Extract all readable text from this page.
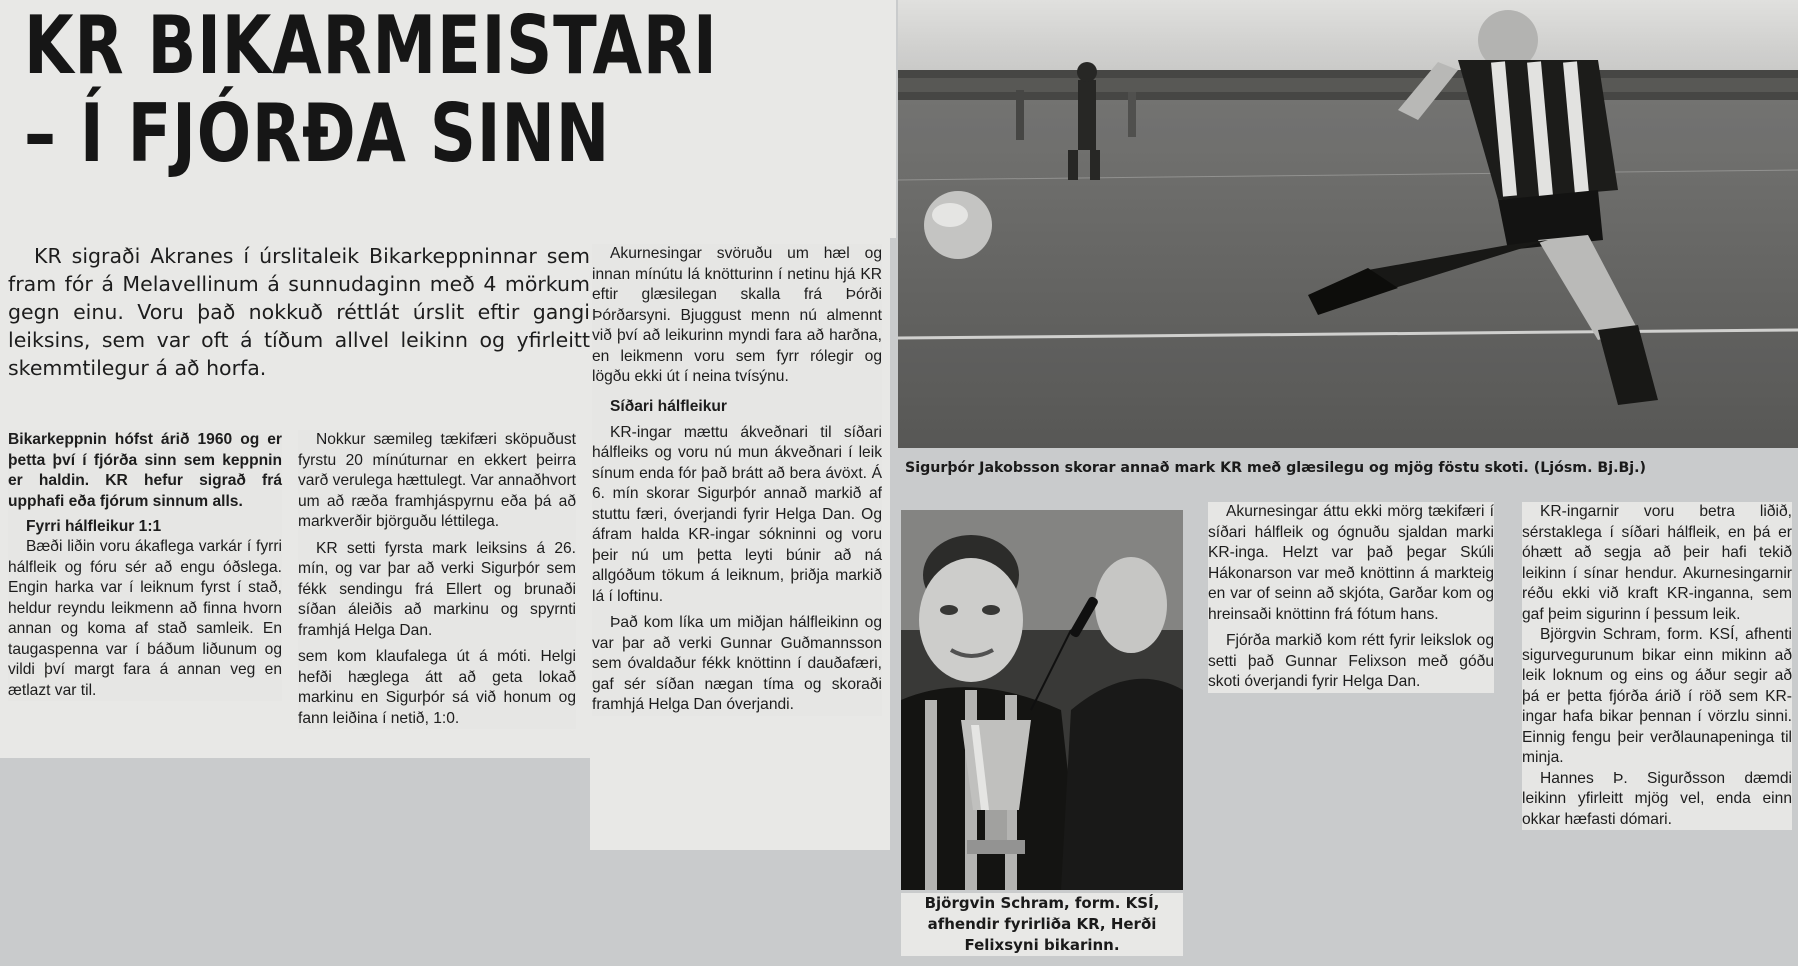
KR BIKARMEISTARI
– Í FJÓRÐA SINN

KR sigraði Akranes í úrslitaleik Bikarkeppninnar sem fram fór á Melavellinum á sunnudaginn með 4 mörkum gegn einu. Voru það nokkuð réttlát úrslit eftir gangi leiksins, sem var oft á tíðum allvel leikinn og yfirleitt skemmtilegur á að horfa.

Bikarkeppnin hófst árið 1960 og er þetta því í fjórða sinn sem keppnin er haldin. KR hefur sigrað frá upphafi eða fjórum sinnum alls.

Fyrri hálfleikur 1:1

Bæði liðin voru ákaflega varkár í fyrri hálfleik og fóru sér að engu óðslega. Engin harka var í leiknum fyrst í stað, heldur reyndu leikmenn að finna hvorn annan og koma af stað samleik. En taugaspenna var í báðum liðunum og vildi því margt fara á annan veg en ætlazt var til.

Nokkur sæmileg tækifæri sköpuðust fyrstu 20 mínúturnar en ekkert þeirra varð verulega hættulegt. Var annaðhvort um að ræða framhjáspyrnu eða þá að markverðir björguðu léttilega.

KR setti fyrsta mark leiksins á 26. mín, og var þar að verki Sigurþór sem fékk sendingu frá Ellert og brunaði síðan áleiðis að markinu og spyrnti framhjá Helga Dan.

sem kom klaufalega út á móti. Helgi hefði hæglega átt að geta lokað markinu en Sigurþór sá við honum og fann leiðina í netið, 1:0.

Akurnesingar svöruðu um hæl og innan mínútu lá knötturinn í netinu hjá KR eftir glæsilegan skalla frá Þórði Þórðarsyni. Bjuggust menn nú almennt við því að leikurinn myndi fara að harðna, en leikmenn voru sem fyrr rólegir og lögðu ekki út í neina tvísýnu.

Síðari hálfleikur

KR-ingar mættu ákveðnari til síðari hálfleiks og voru nú mun ákveðnari í leik sínum enda fór það brátt að bera ávöxt. Á 6. mín skorar Sigurþór annað markið af stuttu færi, óverjandi fyrir Helga Dan. Og áfram halda KR-ingar sókninni og voru þeir nú um þetta leyti búnir að ná allgóðum tökum á leiknum, þriðja markið lá í loftinu.

Það kom líka um miðjan hálfleikinn og var þar að verki Gunnar Guðmannsson sem óvaldaður fékk knöttinn í dauðafæri, gaf sér síðan nægan tíma og skoraði framhjá Helga Dan óverjandi.

Sigurþór Jakobsson skorar annað mark KR með glæsilegu og mjög föstu skoti. (Ljósm. Bj.Bj.)
Björgvin Schram, form. KSÍ, afhendir fyrirliða KR, Herði Felixsyni bikarinn.

Akurnesingar áttu ekki mörg tækifæri í síðari hálfleik og ógnuðu sjaldan marki KR-inga. Helzt var það þegar Skúli Hákonarson var með knöttinn á markteig en var of seinn að skjóta, Garðar kom og hreinsaði knöttinn frá fótum hans.

Fjórða markið kom rétt fyrir leikslok og setti það Gunnar Felixson með góðu skoti óverjandi fyrir Helga Dan.

KR-ingarnir voru betra liðið, sérstaklega í síðari hálfleik, en þá er óhætt að segja að þeir hafi tekið leikinn í sínar hendur. Akurnesingarnir réðu ekki við kraft KR-inganna, sem gaf þeim sigurinn í þessum leik.

Björgvin Schram, form. KSÍ, afhenti sigurvegurunum bikar einn mikinn að leik loknum og eins og áður segir að þá er þetta fjórða árið í röð sem KR-ingar hafa bikar þennan í vörzlu sinni. Einnig fengu þeir verðlaunapeninga til minja.

Hannes Þ. Sigurðsson dæmdi leikinn yfirleitt mjög vel, enda einn okkar hæfasti dómari.
